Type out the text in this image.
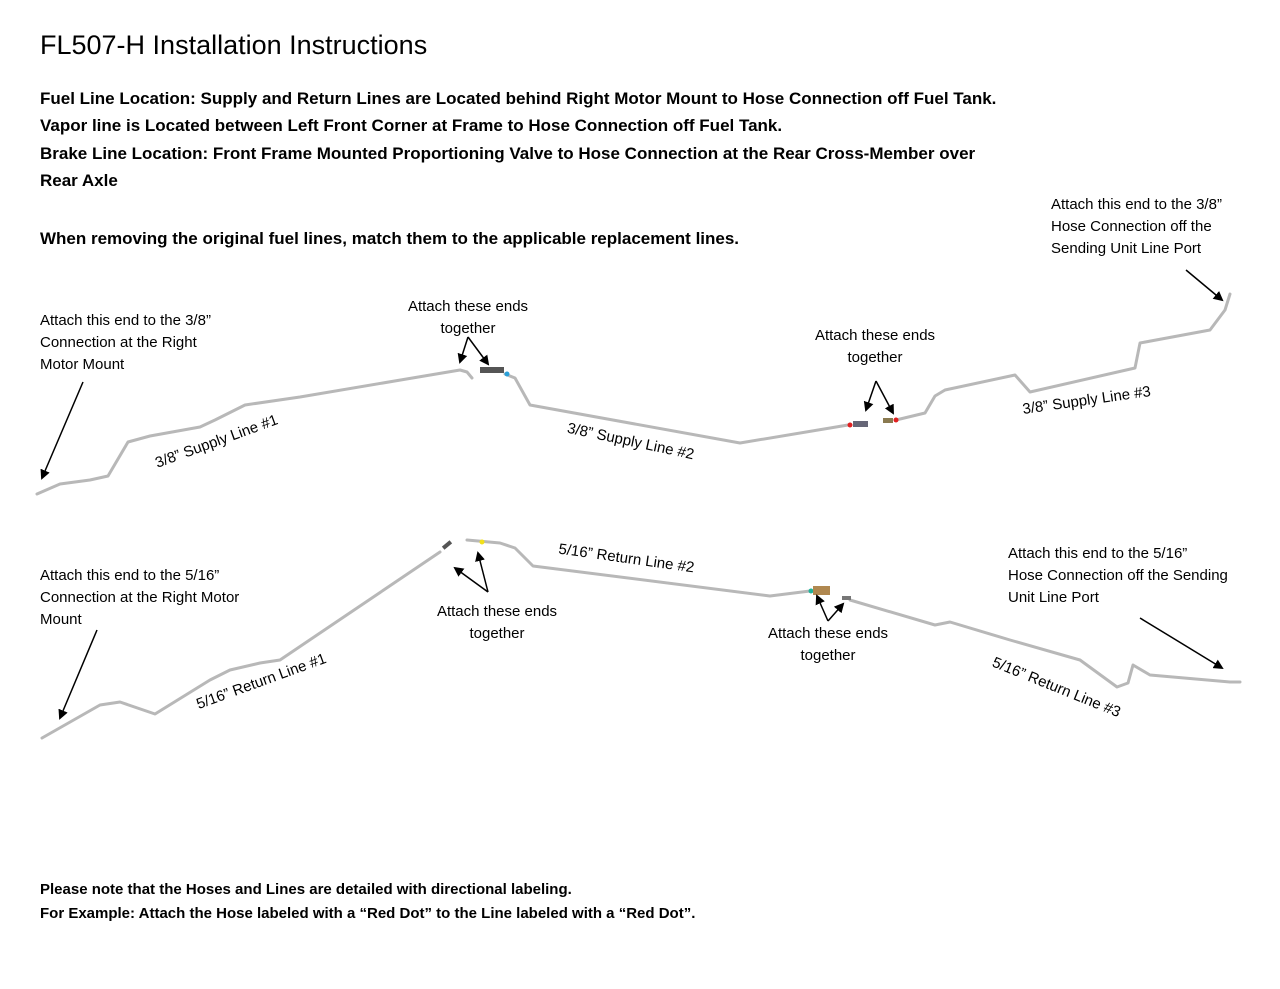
FL507-H Installation Instructions
Fuel Line Location: Supply and Return Lines are Located behind Right Motor Mount to Hose Connection off Fuel Tank.
Vapor line is Located between Left Front Corner at Frame to Hose Connection off Fuel Tank.
Brake Line Location: Front Frame Mounted Proportioning Valve to Hose Connection at the Rear Cross-Member over
Rear Axle
When removing the original fuel lines, match them to the applicable replacement lines.
Attach this end to the 3/8”
Connection at the Right
Motor Mount
Attach these ends
together	Attach these ends
together
Attach this end to the 3/8”
Hose Connection off the
Sending Unit Line Port
3/8” Supply Line #1	3/8” Supply Line #2
3/8” Supply Line #3
Attach this end to the 5/16”
Connection at the Right Motor
Mount	Attach these ends
together	Attach these ends
together
Attach this end to the 5/16”
Hose Connection off the Sending
Unit Line Port
5/16” Return Line #1
5/16” Return Line #2
5/16” Return Line #3
Please note that the Hoses and Lines are detailed with directional labeling.
For Example: Attach the Hose labeled with a “Red Dot” to the Line labeled with a “Red Dot”.
